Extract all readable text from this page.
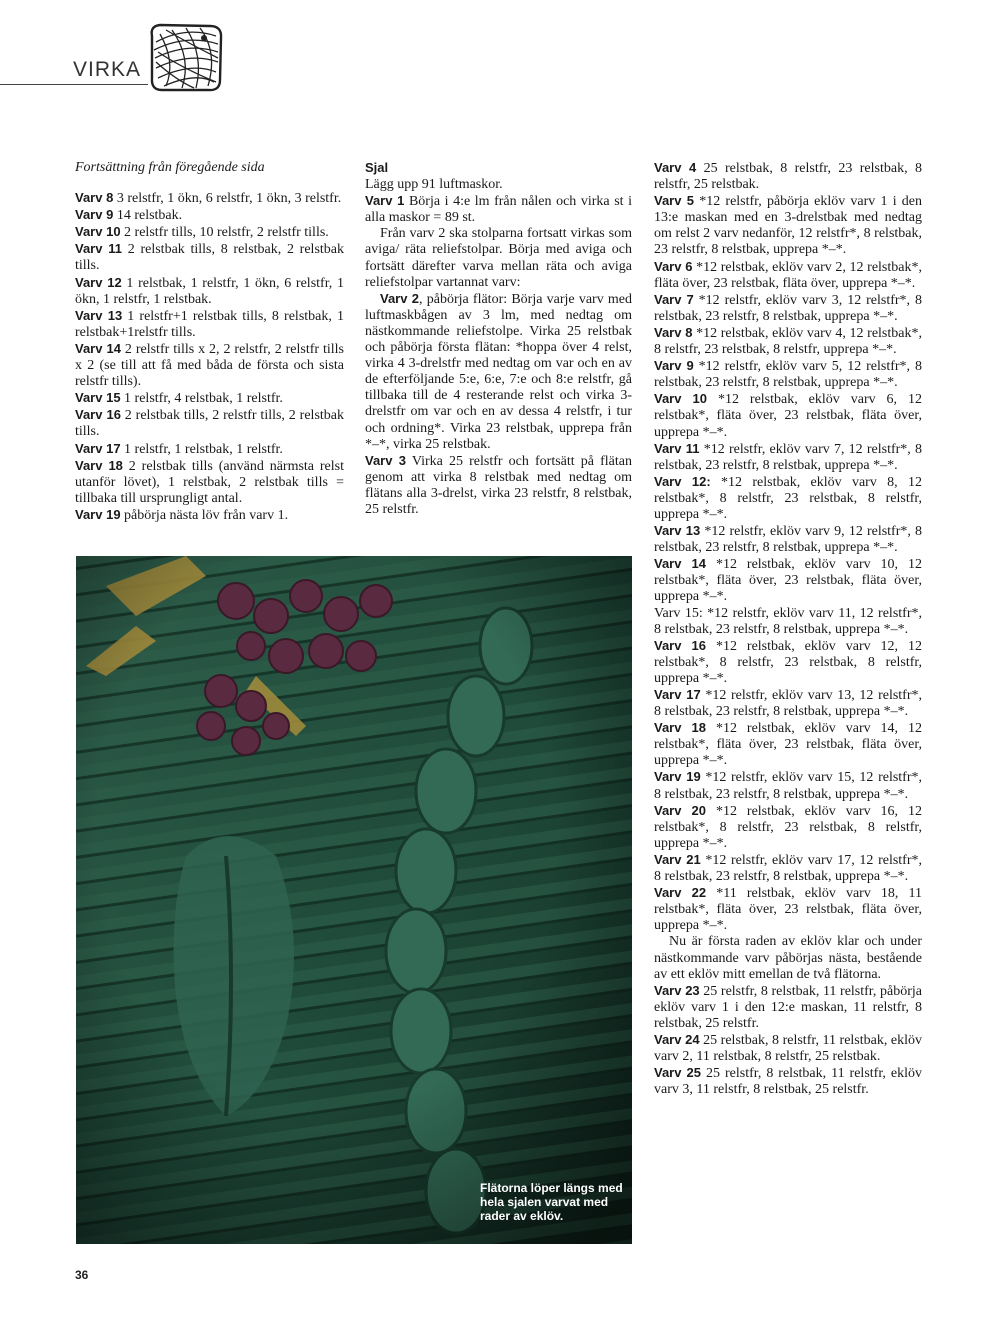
VIRKA

Fortsättning från föregående sida

Varv 8 3 relstfr, 1 ökn, 6 relstfr, 1 ökn, 3 relstfr.

Varv 9 14 relstbak.

Varv 10 2 relstfr tills, 10 relstfr, 2 relstfr tills.

Varv 11 2 relstbak tills, 8 relstbak, 2 relstbak tills.

Varv 12 1 relstbak, 1 relstfr, 1 ökn, 6 relstfr, 1 ökn, 1 relstfr, 1 relstbak.

Varv 13 1 relstfr+1 relstbak tills, 8 relstbak, 1 relstbak+1relstfr tills.

Varv 14 2 relstfr tills x 2, 2 relstfr, 2 relstfr tills x 2 (se till att få med båda de första och sista relstfr tills).

Varv 15 1 relstfr, 4 relstbak, 1 relstfr.

Varv 16 2 relstbak tills, 2 relstfr tills, 2 relstbak tills.

Varv 17 1 relstfr, 1 relstbak, 1 relstfr.

Varv 18 2 relstbak tills (använd närmsta relst utanför lövet), 1 relstbak, 2 relstbak tills = tillbaka till ursprungligt antal.

Varv 19 påbörja nästa löv från varv 1.

Sjal

Lägg upp 91 luftmaskor.

Varv 1 Börja i 4:e lm från nålen och virka st i alla maskor = 89 st.

Från varv 2 ska stolparna fortsatt virkas som aviga/ räta reliefstolpar. Börja med aviga och fortsätt därefter varva mellan räta och aviga reliefstolpar vartannat varv:

Varv 2, påbörja flätor: Börja varje varv med luftmaskbågen av 3 lm, med nedtag om nästkommande reliefstolpe. Virka 25 relstbak och påbörja första flätan: *hoppa över 4 relst, virka 4 3-drelstfr med nedtag om var och en av de efterföljande 5:e, 6:e, 7:e och 8:e relstfr, gå tillbaka till de 4 resterande relst och virka 3-drelstfr om var och en av dessa 4 relstfr, i tur och ordning*. Virka 23 relstbak, upprepa från *–*, virka 25 relstbak.

Varv 3 Virka 25 relstfr och fortsätt på flätan genom att virka 8 relstbak med nedtag om flätans alla 3-drelst, virka 23 relstfr, 8 relstbak, 25 relstfr.

Varv 4 25 relstbak, 8 relstfr, 23 relstbak, 8 relstfr, 25 relstbak.

Varv 5 *12 relstfr, påbörja eklöv varv 1 i den 13:e maskan med en 3-drelstbak med nedtag om relst 2 varv nedanför, 12 relstfr*, 8 relstbak, 23 relstfr, 8 relstbak, upprepa *–*.

Varv 6 *12 relstbak, eklöv varv 2, 12 relstbak*, fläta över, 23 relstbak, fläta över, upprepa *–*.

Varv 7 *12 relstfr, eklöv varv 3, 12 relstfr*, 8 relstbak, 23 relstfr, 8 relstbak, upprepa *–*.

Varv 8 *12 relstbak, eklöv varv 4, 12 relstbak*, 8 relstfr, 23 relstbak, 8 relstfr, upprepa *–*.

Varv 9 *12 relstfr, eklöv varv 5, 12 relstfr*, 8 relstbak, 23 relstfr, 8 relstbak, upprepa *–*.

Varv 10 *12 relstbak, eklöv varv 6, 12 relstbak*, fläta över, 23 relstbak, fläta över, upprepa *–*.

Varv 11 *12 relstfr, eklöv varv 7, 12 relstfr*, 8 relstbak, 23 relstfr, 8 relstbak, upprepa *–*.

Varv 12: *12 relstbak, eklöv varv 8, 12 relstbak*, 8 relstfr, 23 relstbak, 8 relstfr, upprepa *–*.

Varv 13 *12 relstfr, eklöv varv 9, 12 relstfr*, 8 relstbak, 23 relstfr, 8 relstbak, upprepa *–*.

Varv 14 *12 relstbak, eklöv varv 10, 12 relstbak*, fläta över, 23 relstbak, fläta över, upprepa *–*.

Varv 15: *12 relstfr, eklöv varv 11, 12 relstfr*, 8 relstbak, 23 relstfr, 8 relstbak, upprepa *–*.

Varv 16 *12 relstbak, eklöv varv 12, 12 relstbak*, 8 relstfr, 23 relstbak, 8 relstfr, upprepa *–*.

Varv 17 *12 relstfr, eklöv varv 13, 12 relstfr*, 8 relstbak, 23 relstfr, 8 relstbak, upprepa *–*.

Varv 18 *12 relstbak, eklöv varv 14, 12 relstbak*, fläta över, 23 relstbak, fläta över, upprepa *–*.

Varv 19 *12 relstfr, eklöv varv 15, 12 relstfr*, 8 relstbak, 23 relstfr, 8 relstbak, upprepa *–*.

Varv 20 *12 relstbak, eklöv varv 16, 12 relstbak*, 8 relstfr, 23 relstbak, 8 relstfr, upprepa *–*.

Varv 21 *12 relstfr, eklöv varv 17, 12 relstfr*, 8 relstbak, 23 relstfr, 8 relstbak, upprepa *–*.

Varv 22 *11 relstbak, eklöv varv 18, 11 relstbak*, fläta över, 23 relstbak, fläta över, upprepa *–*.

Nu är första raden av eklöv klar och under nästkommande varv påbörjas nästa, bestående av ett eklöv mitt emellan de två flätorna.

Varv 23 25 relstfr, 8 relstbak, 11 relstfr, påbörja eklöv varv 1 i den 12:e maskan, 11 relstfr, 8 relstbak, 25 relstfr.

Varv 24 25 relstbak, 8 relstfr, 11 relstbak, eklöv varv 2, 11 relstbak, 8 relstfr, 25 relstbak.

Varv 25 25 relstfr, 8 relstbak, 11 relstfr, eklöv varv 3, 11 relstfr, 8 relstbak, 25 relstfr.

Flätorna löper längs med hela sjalen varvat med rader av eklöv.
36
